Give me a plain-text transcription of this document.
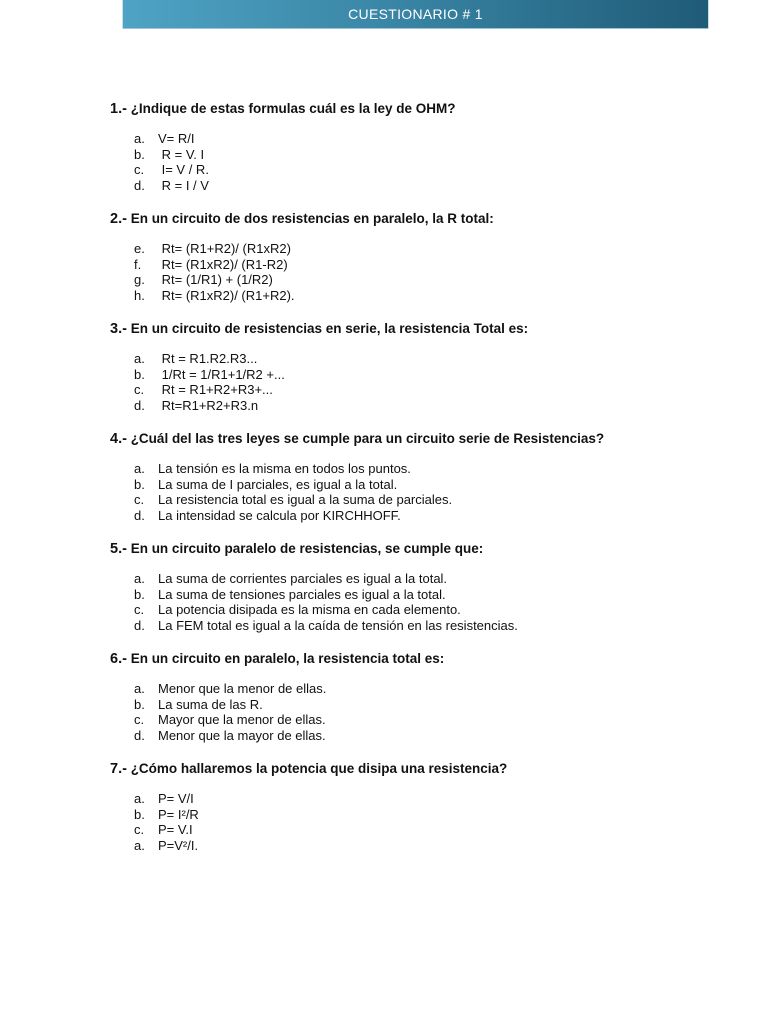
CUESTIONARIO # 1

1.- ¿Indique de estas formulas cuál es la ley de OHM?

a.	V= R/I
b.	R = V. I
c.	I= V / R.
d.	R = I / V

2.- En un circuito de dos resistencias en paralelo, la R total:

e.	Rt= (R1+R2)/ (R1xR2)
f.	Rt= (R1xR2)/ (R1-R2)
g.	Rt= (1/R1) + (1/R2)
h.	Rt= (R1xR2)/ (R1+R2).

3.- En un circuito de resistencias en serie, la resistencia Total es:

a.	Rt = R1.R2.R3...
b.	1/Rt = 1/R1+1/R2 +...
c.	Rt = R1+R2+R3+...
d.	Rt=R1+R2+R3.n

4.- ¿Cuál del las tres leyes se cumple para un circuito serie de Resistencias?

a.	La tensión es la misma en todos los puntos.
b.	La suma de I parciales, es igual a la total.
c.	La resistencia total es igual a la suma de parciales.
d.	La intensidad se calcula por KIRCHHOFF.

5.- En un circuito paralelo de resistencias, se cumple que:

a.	La suma de corrientes parciales es igual a la total.
b.	La suma de tensiones parciales es igual a la total.
c.	La potencia disipada es la misma en cada elemento.
d.	La FEM total es igual a la caída de tensión en las resistencias.

6.- En un circuito en paralelo, la resistencia total es:

a.	Menor que la menor de ellas.
b.	La suma de las R.
c.	Mayor que la menor de ellas.
d.	Menor que la mayor de ellas.

7.- ¿Cómo hallaremos la potencia que disipa una resistencia?

a.	P= V/I
b.	P= I²/R
c.	P= V.I
a.	P=V²/I.
